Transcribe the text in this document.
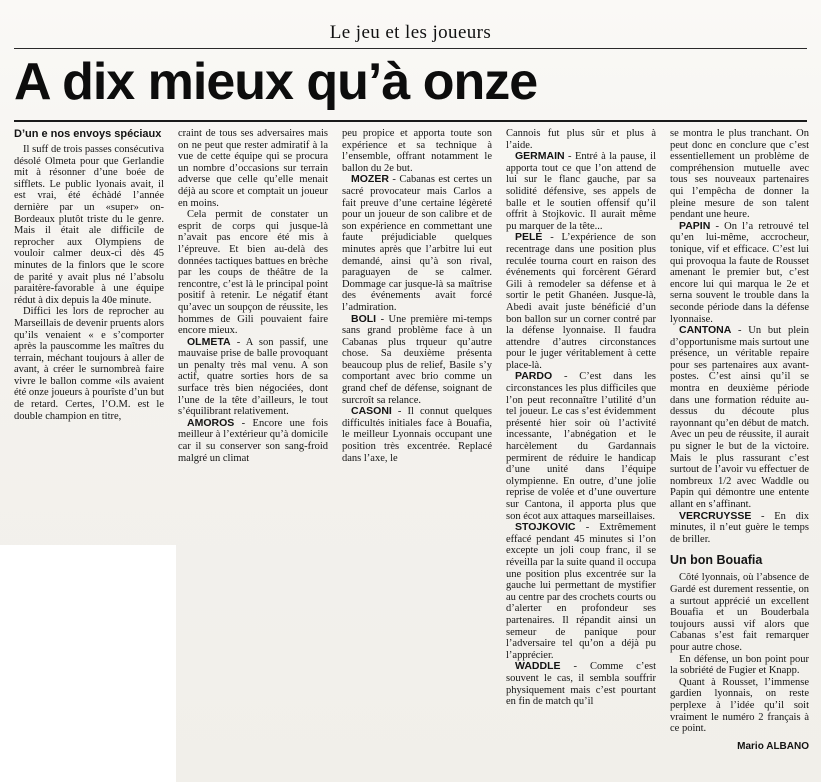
Le jeu et les joueurs
A dix mieux qu’à onze
D’un e nos envoys spéciaux

Il suff de trois passes consécutiva désolé Olmeta pour que Gerlandie mit à résonner d’une boée de sifflets. Le public lyonais avait, il est vrai, été échàdé l’année dernière par un «super» on-Bordeaux plutôt triste du le genre. Mais il était ale difficile de reprocher aux Olympiens de vouloir calmer deux-ci dès 45 minutes de la finlors que le score de parité y avait plus né l’absolu paraitère-favorable à une équipe rédut à dix depuis la 40e minute.

Diffici les lors de reprocher au Marseillais de devenir pruents alors qu’ils venaient « e s’comporter après la pauscomme les maîtres du terrain, méchant toujours à aller de avant, à créer le surnombreà faire vivre le ballon comme «ils avaient été onze joueurs à pourîste d’un but de retard. Certes, l’O.M. est le double champion en titre,

craint de tous ses adversaires mais on ne peut que rester admiratif à la vue de cette équipe qui se procura un nombre d’occasions sur terrain adverse que celle qu’elle menait déjà au score et comptait un joueur en moins.

Cela permit de constater un esprit de corps qui jusque-là n’avait pas encore été mis à l’épreuve. Et bien au-delà des données tactiques battues en brèche par les coups de théâtre de la rencontre, c’est là le principal point positif à retenir. Le négatif étant qu’avec un soupçon de réussite, les hommes de Gili pouvaient faire encore mieux.

OLMETA - A son passif, une mauvaise prise de balle provoquant un penalty très mal venu. A son actif, quatre sorties hors de sa surface très bien négociées, dont l’une de la tête d’ailleurs, le tout s’équilibrant relativement.

AMOROS - Encore une fois meilleur à l’extérieur qu’à domicile car il su conserver son sang-froid malgré un climat

peu propice et apporta toute son expérience et sa technique à l’ensemble, offrant notamment le ballon du 2e but.

MOZER - Cabanas est certes un sacré provocateur mais Carlos a fait preuve d’une certaine légèreté pour un joueur de son calibre et de son expérience en commettant une faute préjudiciable quelques minutes après que l’arbitre lui eut demandé, ainsi qu’à son rival, paraguayen de se calmer. Dommage car jusque-là sa maîtrise des événements avait forcé l’admiration.

BOLI - Une première mi-temps sans grand problème face à un Cabanas plus trqueur qu’autre chose. Sa deuxième présenta beaucoup plus de relief, Basile s’y comportant avec brio comme un grand chef de défense, soignant de surcroît sa relance.

CASONI - Il connut quelques difficultés initiales face à Bouafia, le meilleur Lyonnais occupant une position très excentrée. Replacé dans l’axe, le

Cannois fut plus sûr et plus à l’aide.

GERMAIN - Entré à la pause, il apporta tout ce que l’on attend de lui sur le flanc gauche, par sa solidité défensive, ses appels de balle et le soutien offensif qu’il offrit à Stojkovic. Il aurait même pu marquer de la tête...

PELE - L’expérience de son recentrage dans une position plus reculée tourna court en raison des événements qui forcèrent Gérard Gili à remodeler sa défense et à sortir le petit Ghanéen. Jusque-là, Abedi avait juste bénéficié d’un bon ballon sur un corner contré par la défense lyonnaise. Il faudra attendre d’autres circonstances pour le juger véritablement à cette place-là.

PARDO - C’est dans les circonstances les plus difficiles que l’on peut reconnaître l’utilité d’un tel joueur. Le cas s’est évidemment présenté hier soir où l’activité incessante, l’abnégation et le harcèlement du Gardannais permirent de réduire le handicap d’une unité dans l’équipe olympienne. En outre, d’une jolie reprise de volée et d’une ouverture sur Cantona, il apporta plus que son écot aux attaques marseillaises.

STOJKOVIC - Extrêmement effacé pendant 45 minutes si l’on excepte un joli coup franc, il se réveilla par la suite quand il occupa une position plus excentrée sur la gauche lui permettant de mystifier au centre par des crochets courts ou d’alerter en profondeur ses partenaires. Il répandit ainsi un semeur de panique pour l’adversaire tel qu’on a déjà pu l’apprécier.

WADDLE - Comme c’est souvent le cas, il sembla souffrir physiquement mais c’est pourtant en fin de match qu’il

se montra le plus tranchant. On peut donc en conclure que c’est essentiellement un problème de compréhension mutuelle avec tous ses nouveaux partenaires qui l’empêcha de donner la pleine mesure de son talent pendant une heure.

PAPIN - On l’a retrouvé tel qu’en lui-même, accrocheur, tonique, vif et efficace. C’est lui qui provoqua la faute de Rousset amenant le premier but, c’est encore lui qui marqua le 2e et serna souvent le trouble dans la seconde période dans la défense lyonnaise.

CANTONA - Un but plein d’opportunisme mais surtout une présence, un véritable repaire pour ses partenaires aux avant-postes. C’est ainsi qu’il se montra en deuxième période dans une formation réduite au-dessus du découte plus rayonnant qu’en début de match. Avec un peu de réussite, il aurait pu signer le but de la victoire. Mais le plus rassurant c’est surtout de l’avoir vu effectuer de nombreux 1/2 avec Waddle ou Papin qui démontre une entente allant en s’affinant.

VERCRUYSSE - En dix minutes, il n’eut guère le temps de briller.

Un bon Bouafia

Côté lyonnais, où l’absence de Gardé est durement ressentie, on a surtout apprécié un excellent Bouafia et un Bouderbala toujours aussi vif alors que Cabanas s’est fait remarquer pour autre chose.

En défense, un bon point pour la sobriété de Fugier et Knapp.

Quant à Rousset, l’immense gardien lyonnais, on reste perplexe à l’idée qu’il soit vraiment le numéro 2 français à ce point.

Mario ALBANO
